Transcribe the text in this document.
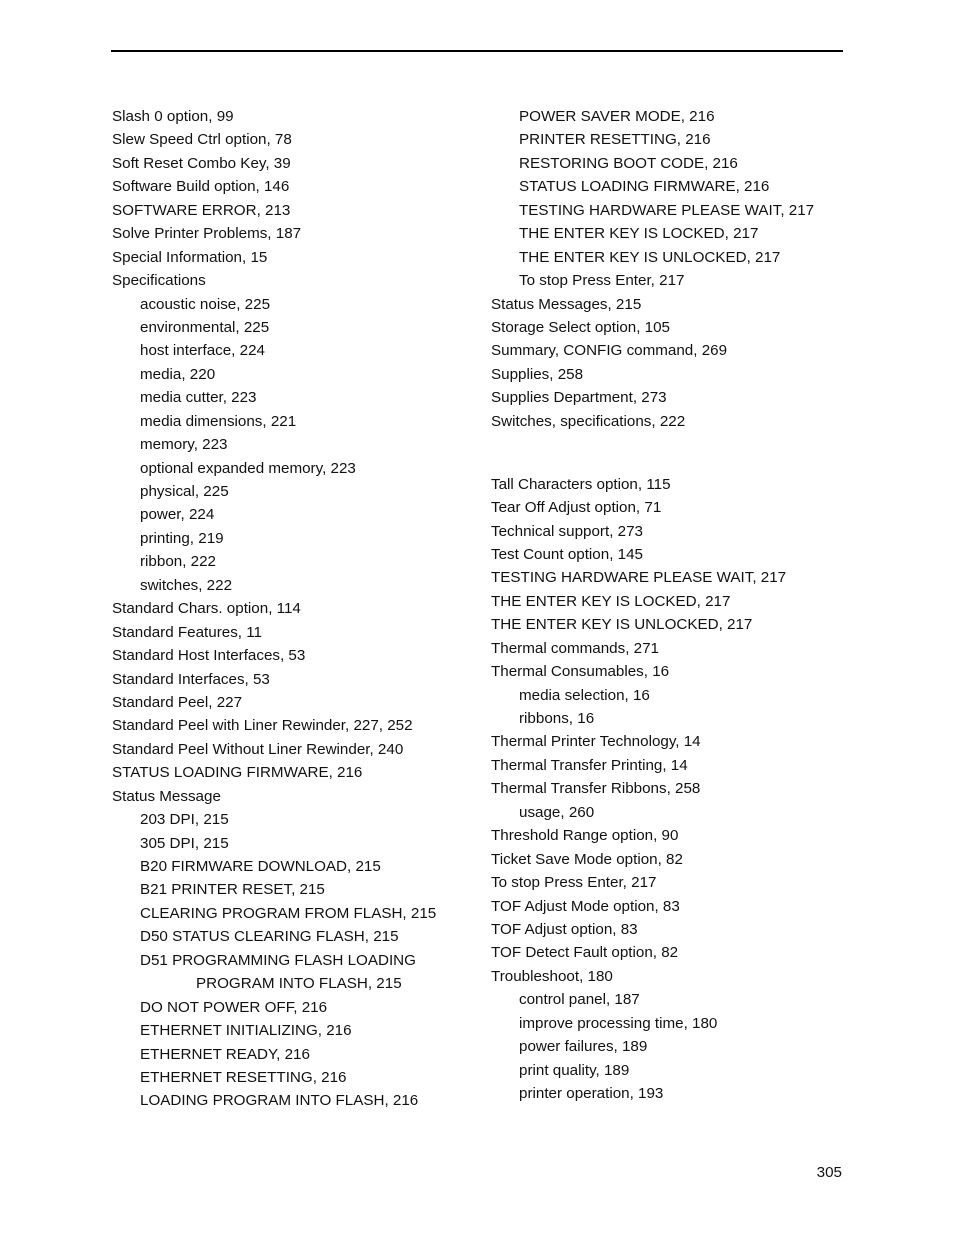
Slash 0 option, 99
Slew Speed Ctrl option, 78
Soft Reset Combo Key, 39
Software Build option, 146
SOFTWARE ERROR, 213
Solve Printer Problems, 187
Special Information, 15
Specifications
acoustic noise, 225
environmental, 225
host interface, 224
media, 220
media cutter, 223
media dimensions, 221
memory, 223
optional expanded memory, 223
physical, 225
power, 224
printing, 219
ribbon, 222
switches, 222
Standard Chars. option, 114
Standard Features, 11
Standard Host Interfaces, 53
Standard Interfaces, 53
Standard Peel, 227
Standard Peel with Liner Rewinder, 227, 252
Standard Peel Without Liner Rewinder, 240
STATUS LOADING FIRMWARE, 216
Status Message
203 DPI, 215
305 DPI, 215
B20 FIRMWARE DOWNLOAD, 215
B21 PRINTER RESET, 215
CLEARING PROGRAM FROM FLASH, 215
D50 STATUS CLEARING FLASH, 215
D51 PROGRAMMING FLASH LOADING
PROGRAM INTO FLASH, 215
DO NOT POWER OFF, 216
ETHERNET INITIALIZING, 216
ETHERNET READY, 216
ETHERNET RESETTING, 216
LOADING PROGRAM INTO FLASH, 216
POWER SAVER MODE, 216
PRINTER RESETTING, 216
RESTORING BOOT CODE, 216
STATUS LOADING FIRMWARE, 216
TESTING HARDWARE PLEASE WAIT, 217
THE ENTER KEY IS LOCKED, 217
THE ENTER KEY IS UNLOCKED, 217
To stop Press Enter, 217
Status Messages, 215
Storage Select option, 105
Summary, CONFIG command, 269
Supplies, 258
Supplies Department, 273
Switches, specifications, 222
Tall Characters option, 115
Tear Off Adjust option, 71
Technical support, 273
Test Count option, 145
TESTING HARDWARE PLEASE WAIT, 217
THE ENTER KEY IS LOCKED, 217
THE ENTER KEY IS UNLOCKED, 217
Thermal commands, 271
Thermal Consumables, 16
media selection, 16
ribbons, 16
Thermal Printer Technology, 14
Thermal Transfer Printing, 14
Thermal Transfer Ribbons, 258
usage, 260
Threshold Range option, 90
Ticket Save Mode option, 82
To stop Press Enter, 217
TOF Adjust Mode option, 83
TOF Adjust option, 83
TOF Detect Fault option, 82
Troubleshoot, 180
control panel, 187
improve processing time, 180
power failures, 189
print quality, 189
printer operation, 193
305
